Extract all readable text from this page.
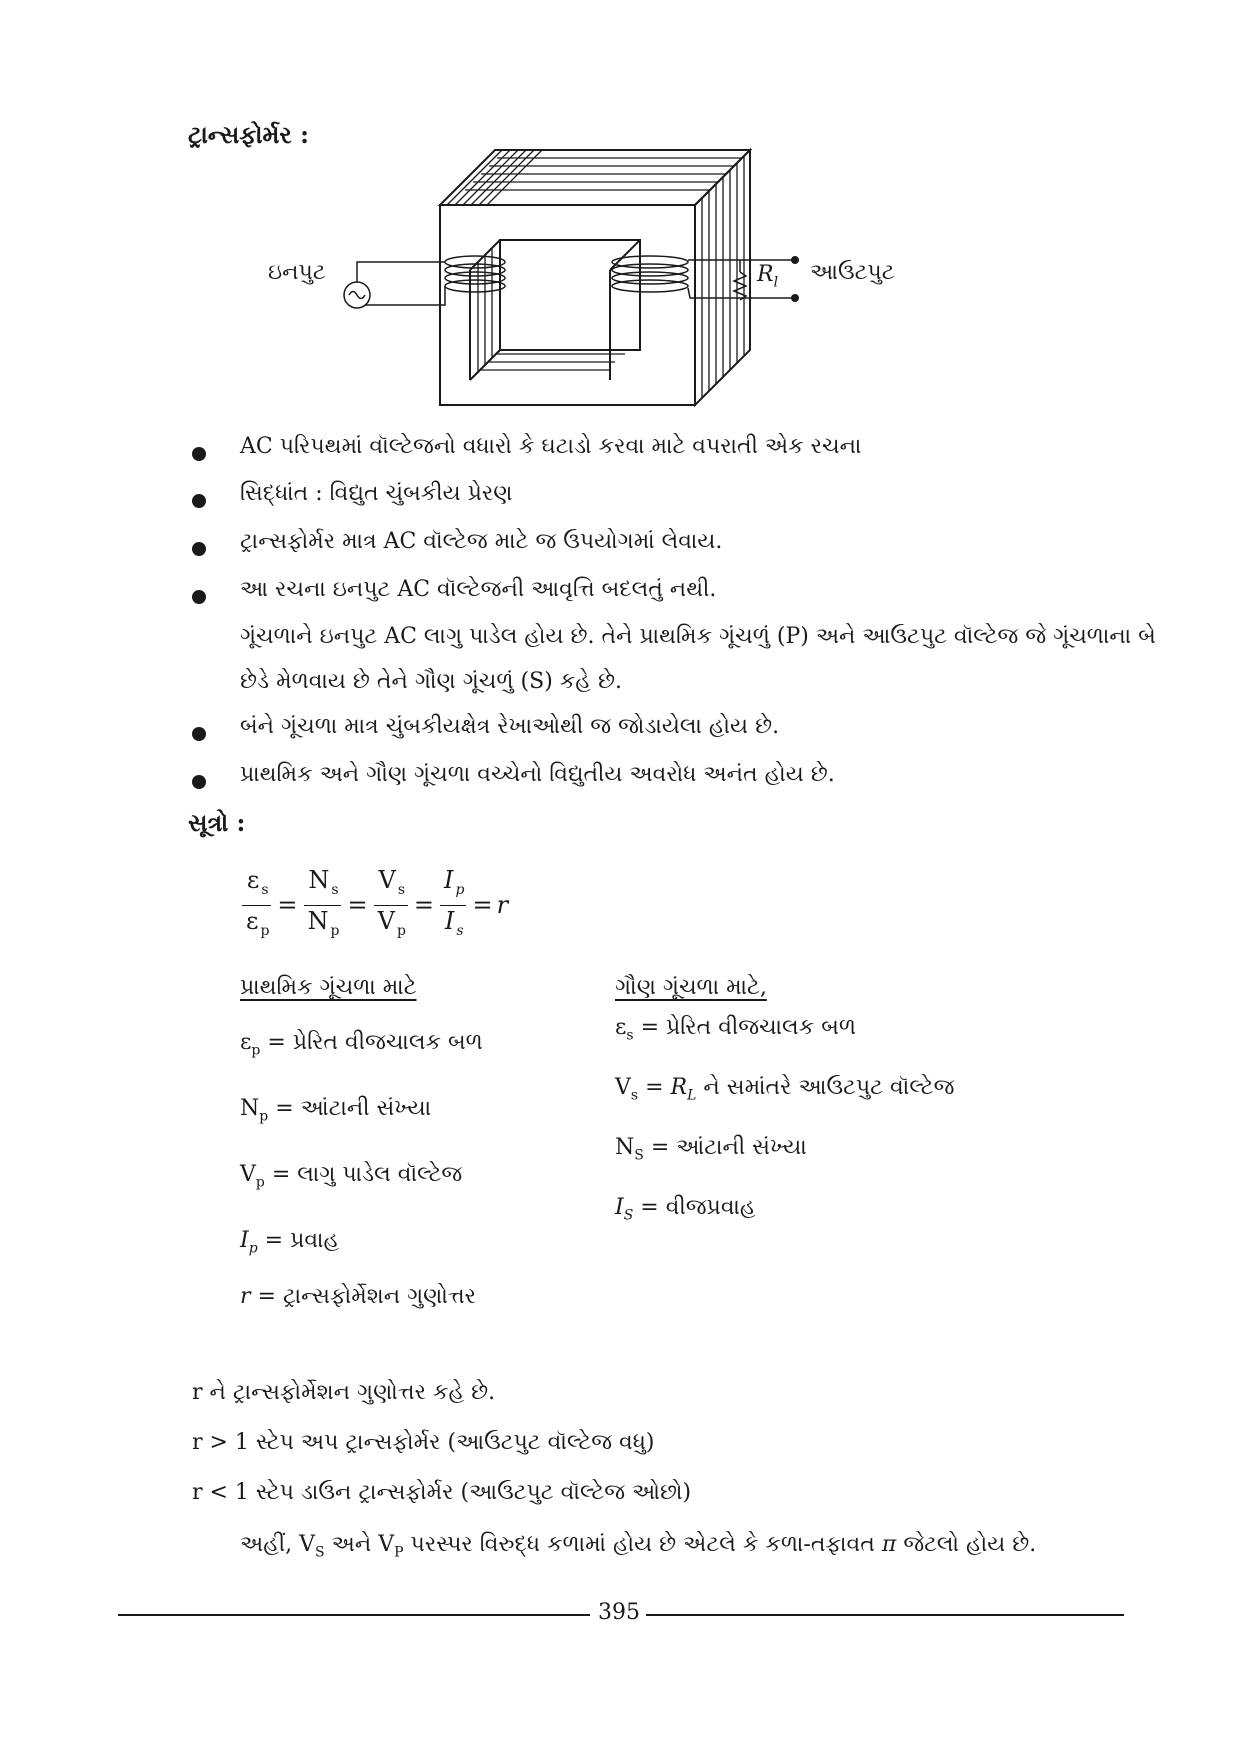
ટ્રાન્સફોર્મર :
ઇનપુટ	$R_l$ આઉટપુટ
AC પરિપથમાં વૉલ્ટેજનો વધારો કે ઘટાડો કરવા માટે વપરાતી એક રચના
સિદ્ધાંત : વિદ્યુત ચુંબકીય પ્રેરણ
ટ્રાન્સફોર્મર માત્ર AC વૉલ્ટેજ માટે જ ઉપયોગમાં લેવાય.
આ રચના ઇનપુટ AC વૉલ્ટેજની આવૃત્તિ બદલતું નથી.
ગૂંચળાને ઇનપુટ AC લાગુ પાડેલ હોય છે. તેને પ્રાથમિક ગૂંચળું (P) અને આઉટપુટ વૉલ્ટેજ જે ગૂંચળાના બે
છેડે મેળવાય છે તેને ગૌણ ગૂંચળું (S) કહે છે.
બંને ગૂંચળા માત્ર ચુંબકીયક્ષેત્ર રેખાઓથી જ જોડાયેલા હોય છે.
પ્રાથમિક અને ગૌણ ગૂંચળા વચ્ચેનો વિદ્યુતીય અવરોધ અનંત હોય છે.
સૂત્રો :
$\frac{\varepsilon _s}{\varepsilon _p} = \frac{N _s}{N _p} = \frac{V _s}{V _p} = \frac{I _p}{I _s} = r$
પ્રાથમિક ગૂંચળા માટે
$\varepsilon_p$ = પ્રેરિત વીજચાલક બળ
$N_p$ = આંટાની સંખ્યા
$V_p$ = લાગુ પાડેલ વૉલ્ટેજ
$I_p$ = પ્રવાહ
r = ટ્રાન્સફોર્મેશન ગુણોત્તર
ગૌણ ગૂંચળા માટે,
$\varepsilon_s$ = પ્રેરિત વીજચાલક બળ
$V_s = R_L$ ને સમાંતરે આઉટપુટ વૉલ્ટેજ
$N_S$ = આંટાની સંખ્યા
$I_S$ = વીજપ્રવાહ
r ને ટ્રાન્સફોર્મેશન ગુણોત્તર કહે છે.
r > 1 સ્ટેપ અપ ટ્રાન્સફોર્મર (આઉટપુટ વૉલ્ટેજ વધુ)
r < 1 સ્ટેપ ડાઉન ટ્રાન્સફોર્મર (આઉટપુટ વૉલ્ટેજ ઓછો)
અહીં, $V_S$ અને $V_P$ પરસ્પર વિરુદ્ધ કળામાં હોય છે એટલે કે કળા-તફાવત π જેટલો હોય છે.
395
